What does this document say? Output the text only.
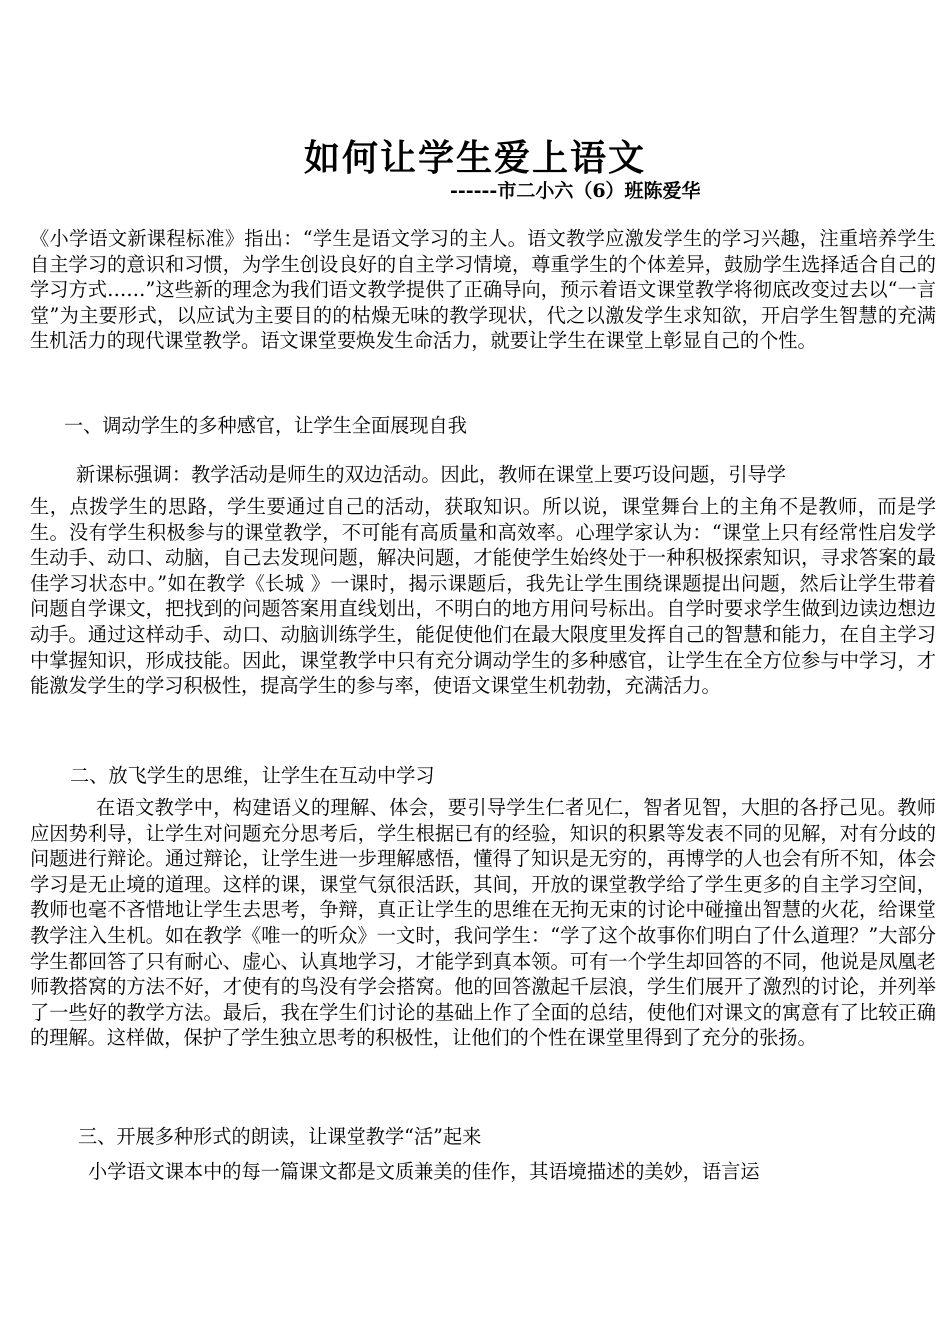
如何让学生爱上语文

------市二小六（6）班陈爱华

《小学语文新课程标准》指出：“学生是语文学习的主人。语文教学应激发学生的学习兴趣，注重培养学生自主学习的意识和习惯，为学生创设良好的自主学习情境，尊重学生的个体差异，鼓励学生选择适合自己的学习方式……”这些新的理念为我们语文教学提供了正确导向，预示着语文课堂教学将彻底改变过去以“一言堂”为主要形式，以应试为主要目的的枯燥无味的教学现状，代之以激发学生求知欲，开启学生智慧的充满生机活力的现代课堂教学。语文课堂要焕发生命活力，就要让学生在课堂上彰显自己的个性。

一、调动学生的多种感官，让学生全面展现自我

新课标强调：教学活动是师生的双边活动。因此，教师在课堂上要巧设问题，引导学

生，点拨学生的思路，学生要通过自己的活动，获取知识。所以说，课堂舞台上的主角不是教师，而是学生。没有学生积极参与的课堂教学，不可能有高质量和高效率。心理学家认为：“课堂上只有经常性启发学生动手、动口、动脑，自己去发现问题，解决问题，才能使学生始终处于一种积极探索知识，寻求答案的最佳学习状态中。”如在教学《长城 》一课时，揭示课题后，我先让学生围绕课题提出问题，然后让学生带着问题自学课文，把找到的问题答案用直线划出，不明白的地方用问号标出。自学时要求学生做到边读边想边动手。通过这样动手、动口、动脑训练学生，能促使他们在最大限度里发挥自己的智慧和能力，在自主学习中掌握知识，形成技能。因此，课堂教学中只有充分调动学生的多种感官，让学生在全方位参与中学习，才能激发学生的学习积极性，提高学生的参与率，使语文课堂生机勃勃，充满活力。

二、放飞学生的思维，让学生在互动中学习

在语文教学中，构建语义的理解、体会，要引导学生仁者见仁，智者见智，大胆的各抒己见。教师应因势利导，让学生对问题充分思考后，学生根据已有的经验，知识的积累等发表不同的见解，对有分歧的问题进行辩论。通过辩论，让学生进一步理解感悟，懂得了知识是无穷的，再博学的人也会有所不知，体会学习是无止境的道理。这样的课，课堂气氛很活跃，其间，开放的课堂教学给了学生更多的自主学习空间，教师也毫不吝惜地让学生去思考，争辩，真正让学生的思维在无拘无束的讨论中碰撞出智慧的火花，给课堂教学注入生机。如在教学《唯一的听众》一文时，我问学生：“学了这个故事你们明白了什么道理？”大部分学生都回答了只有耐心、虚心、认真地学习，才能学到真本领。可有一个学生却回答的不同，他说是凤凰老师教搭窝的方法不好，才使有的鸟没有学会搭窝。他的回答激起千层浪，学生们展开了激烈的讨论，并列举了一些好的教学方法。最后，我在学生们讨论的基础上作了全面的总结，使他们对课文的寓意有了比较正确的理解。这样做，保护了学生独立思考的积极性，让他们的个性在课堂里得到了充分的张扬。

三、开展多种形式的朗读，让课堂教学“活”起来

小学语文课本中的每一篇课文都是文质兼美的佳作，其语境描述的美妙，语言运
